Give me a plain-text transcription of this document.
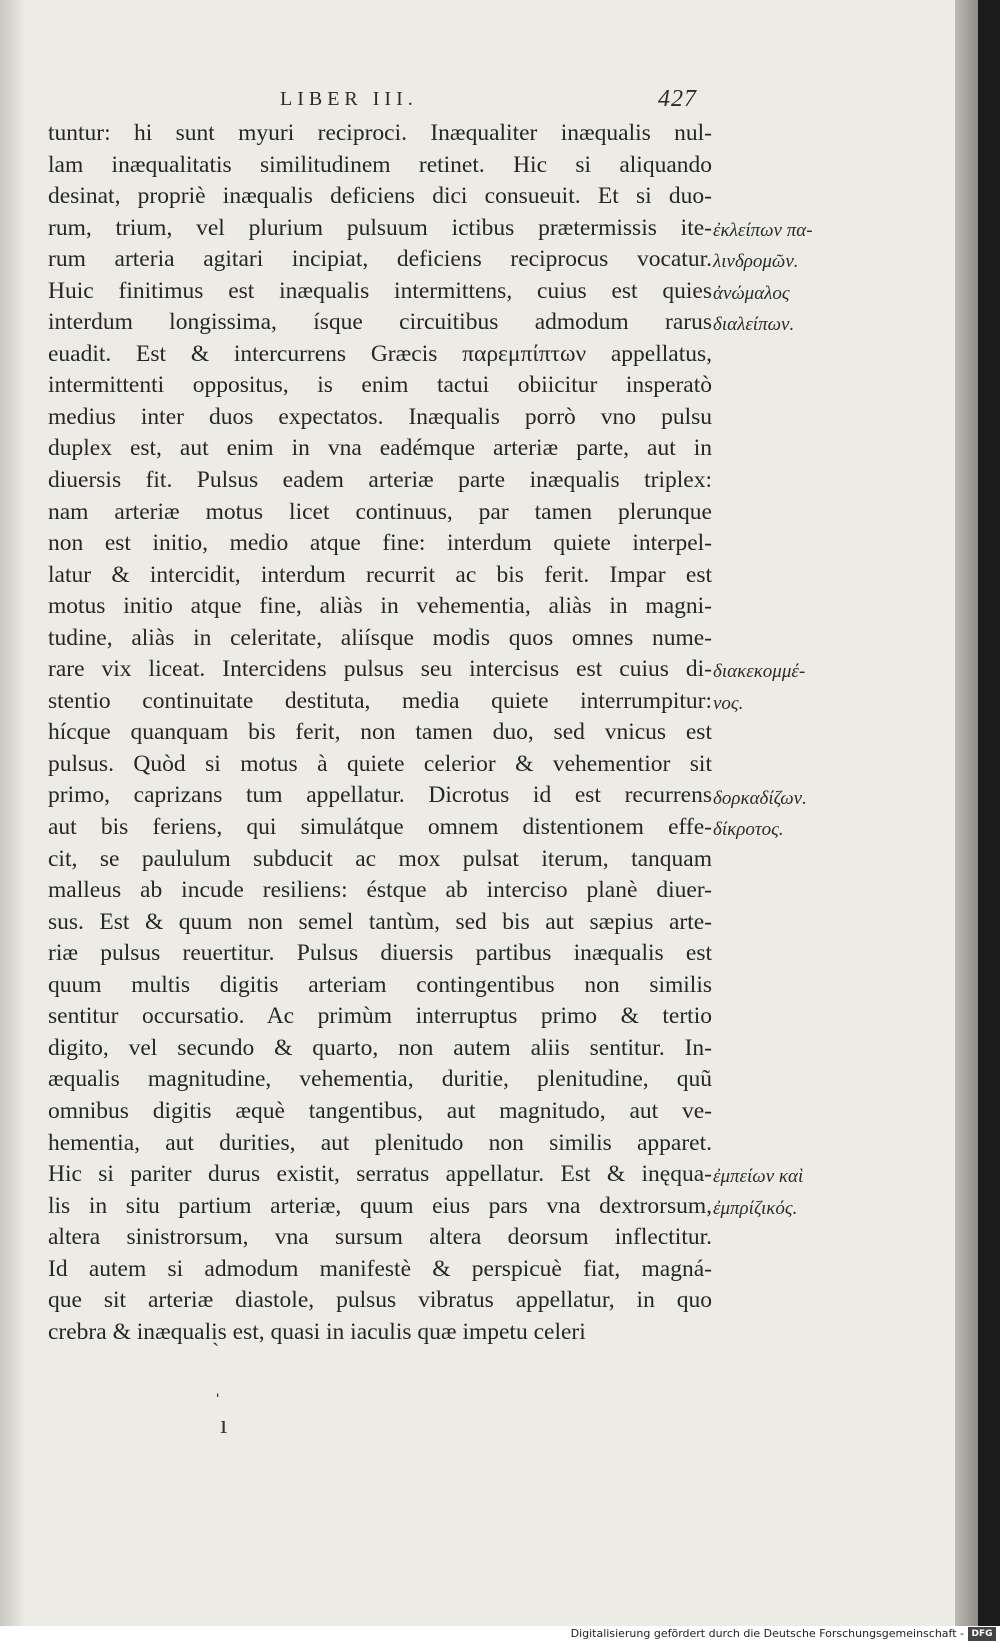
LIBER III.	427
tuntur: hi sunt myuri reciproci. Inæqualiter inæqualis nul-
lam inæqualitatis similitudinem retinet. Hic si aliquando
desinat, propriè inæqualis deficiens dici consueuit. Et si duo-
rum, trium, vel plurium pulsuum ictibus prætermissis ite-
rum arteria agitari incipiat, deficiens reciprocus vocatur.
Huic finitimus est inæqualis intermittens, cuius est quies
interdum longissima, ísque circuitibus admodum rarus
euadit. Est & intercurrens Græcis παρεμπίπτων appellatus,
intermittenti oppositus, is enim tactui obiicitur insperatò
medius inter duos expectatos. Inæqualis porrò vno pulsu
duplex est, aut enim in vna eadémque arteriæ parte, aut in
diuersis fit. Pulsus eadem arteriæ parte inæqualis triplex:
nam arteriæ motus licet continuus, par tamen plerunque
non est initio, medio atque fine: interdum quiete interpel-
latur & intercidit, interdum recurrit ac bis ferit. Impar est
motus initio atque fine, aliàs in vehementia, aliàs in magni-
tudine, aliàs in celeritate, aliísque modis quos omnes nume-
rare vix liceat. Intercidens pulsus seu intercisus est cuius di-
stentio continuitate destituta, media quiete interrumpitur:
hícque quanquam bis ferit, non tamen duo, sed vnicus est
pulsus. Quòd si motus à quiete celerior & vehementior sit
primo, caprizans tum appellatur. Dicrotus id est recurrens
aut bis feriens, qui simulátque omnem distentionem effe-
cit, se paululum subducit ac mox pulsat iterum, tanquam
malleus ab incude resiliens: éstque ab interciso planè diuer-
sus. Est & quum non semel tantùm, sed bis aut sæpius arte-
riæ pulsus reuertitur. Pulsus diuersis partibus inæqualis est
quum multis digitis arteriam contingentibus non similis
sentitur occursatio. Ac primùm interruptus primo & tertio
digito, vel secundo & quarto, non autem aliis sentitur. In-
æqualis magnitudine, vehementia, duritie, plenitudine, quũ
omnibus digitis æquè tangentibus, aut magnitudo, aut ve-
hementia, aut durities, aut plenitudo non similis apparet.
Hic si pariter durus existit, serratus appellatur. Est & inęqua-
lis in situ partium arteriæ, quum eius pars vna dextrorsum,
altera sinistrorsum, vna sursum altera deorsum inflectitur.
Id autem si admodum manifestè & perspicuè fiat, magná-
que sit arteriæ diastole, pulsus vibratus appellatur, in quo
crebra & inæqualis est, quasi in iaculis quæ impetu celeri
ἐκλείπων πα-
λινδρομῶν.
ἀνώμαλος
διαλείπων.
διακεκομμέ-
νος.
δορκαδίζων.
δίκροτος.
ἐμπείων καὶ
ἐμπρίζικός.
ˋ
ˌ
ı
Digitalisierung gefördert durch die Deutsche Forschungsgemeinschaft - DFG
